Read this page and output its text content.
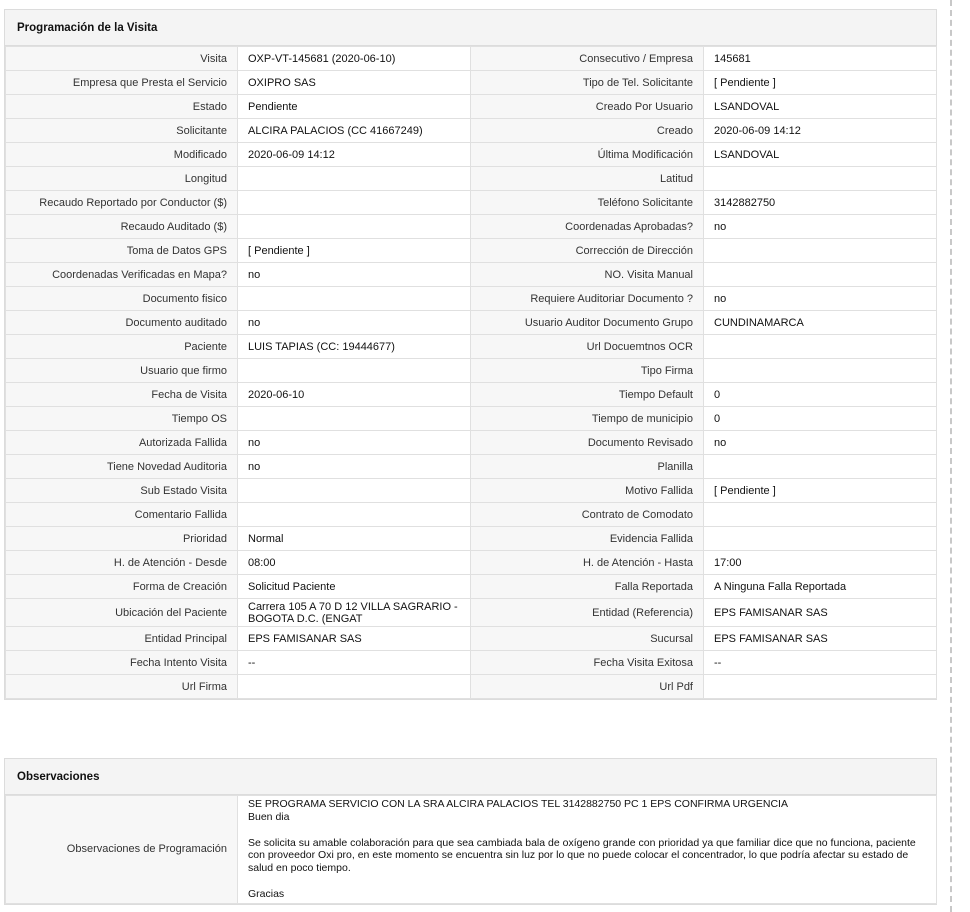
Programación de la Visita
Visita	OXP-VT-145681 (2020-06-10)	Consecutivo / Empresa	145681
Empresa que Presta el Servicio	OXIPRO SAS	Tipo de Tel. Solicitante	[ Pendiente ]
Estado	Pendiente	Creado Por Usuario	LSANDOVAL
Solicitante	ALCIRA PALACIOS (CC 41667249)	Creado	2020-06-09 14:12
Modificado	2020-06-09 14:12	Última Modificación	LSANDOVAL
Longitud		Latitud	
Recaudo Reportado por Conductor ($)		Teléfono Solicitante	3142882750
Recaudo Auditado ($)		Coordenadas Aprobadas?	no
Toma de Datos GPS	[ Pendiente ]	Corrección de Dirección	
Coordenadas Verificadas en Mapa?	no	NO. Visita Manual	
Documento fisico		Requiere Auditoriar Documento ?	no
Documento auditado	no	Usuario Auditor Documento Grupo	CUNDINAMARCA
Paciente	LUIS TAPIAS (CC: 19444677)	Url Docuemtnos OCR	
Usuario que firmo		Tipo Firma	
Fecha de Visita	2020-06-10	Tiempo Default	0
Tiempo OS		Tiempo de municipio	0
Autorizada Fallida	no	Documento Revisado	no
Tiene Novedad Auditoria	no	Planilla	
Sub Estado Visita		Motivo Fallida	[ Pendiente ]
Comentario Fallida		Contrato de Comodato	
Prioridad	Normal	Evidencia Fallida	
H. de Atención - Desde	08:00	H. de Atención - Hasta	17:00
Forma de Creación	Solicitud Paciente	Falla Reportada	A Ninguna Falla Reportada
Ubicación del Paciente	Carrera 105 A 70 D 12 VILLA SAGRARIO - BOGOTA D.C. (ENGAT	Entidad (Referencia)	EPS FAMISANAR SAS
Entidad Principal	EPS FAMISANAR SAS	Sucursal	EPS FAMISANAR SAS
Fecha Intento Visita	--	Fecha Visita Exitosa	--
Url Firma		Url Pdf	
Observaciones
Observaciones de Programación	

SE PROGRAMA SERVICIO CON LA SRA ALCIRA PALACIOS TEL 3142882750 PC 1 EPS CONFIRMA URGENCIA

Buen dia

Se solicita su amable colaboración para que sea cambiada bala de oxígeno grande con prioridad ya que familiar dice que no funciona, paciente con proveedor Oxi pro, en este momento se encuentra sin luz por lo que no puede colocar el concentrador, lo que podría afectar su estado de salud en poco tiempo.

Gracias
